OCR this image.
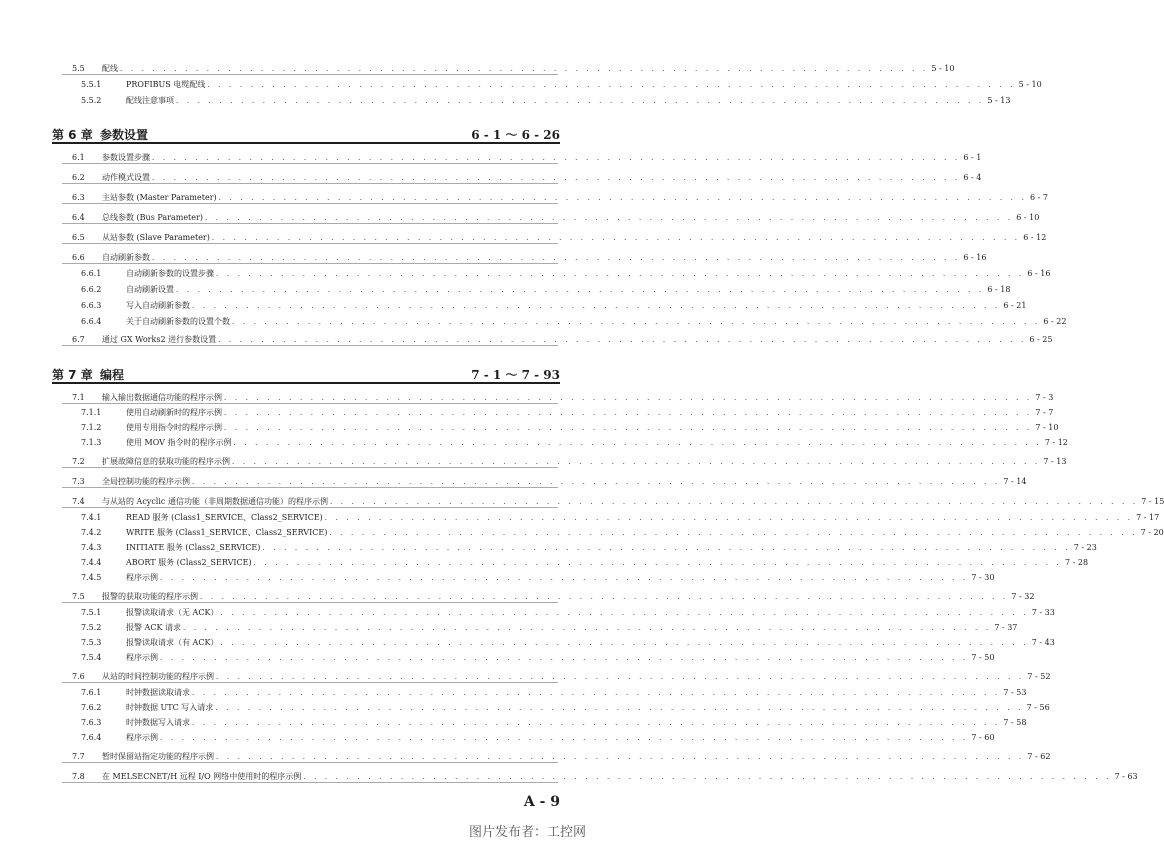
5.5	配线 . . . . . . . . . . . . . . . . . . . . . . . . . . . . . . . . . . . . . . . . . . . . . . . . . . . . . . . . . . . . . . . . . . . . . . . . . . . 5 - 10
5.5.1	PROFIBUS 电缆配线 . . . . . . . . . . . . . . . . . . . . . . . . . . . . . . . . . . . . . . . . . . . . . . . . . . . . . . . . . . . . . . . . . . . . . . . . . . . 5 - 10
5.5.2	配线注意事项 . . . . . . . . . . . . . . . . . . . . . . . . . . . . . . . . . . . . . . . . . . . . . . . . . . . . . . . . . . . . . . . . . . . . . . . . . . . 5 - 13
第 6 章 参数设置	6 - 1 ～ 6 - 26
6.1	参数设置步骤 . . . . . . . . . . . . . . . . . . . . . . . . . . . . . . . . . . . . . . . . . . . . . . . . . . . . . . . . . . . . . . . . . . . . . . . . . . . 6 - 1
6.2	动作模式设置 . . . . . . . . . . . . . . . . . . . . . . . . . . . . . . . . . . . . . . . . . . . . . . . . . . . . . . . . . . . . . . . . . . . . . . . . . . . 6 - 4
6.3	主站参数 (Master Parameter) . . . . . . . . . . . . . . . . . . . . . . . . . . . . . . . . . . . . . . . . . . . . . . . . . . . . . . . . . . . . . . . . . . . . . . . . . . . 6 - 7
6.4	总线参数 (Bus Parameter) . . . . . . . . . . . . . . . . . . . . . . . . . . . . . . . . . . . . . . . . . . . . . . . . . . . . . . . . . . . . . . . . . . . . . . . . . . . 6 - 10
6.5	从站参数 (Slave Parameter) . . . . . . . . . . . . . . . . . . . . . . . . . . . . . . . . . . . . . . . . . . . . . . . . . . . . . . . . . . . . . . . . . . . . . . . . . . . 6 - 12
6.6	自动刷新参数 . . . . . . . . . . . . . . . . . . . . . . . . . . . . . . . . . . . . . . . . . . . . . . . . . . . . . . . . . . . . . . . . . . . . . . . . . . . 6 - 16
6.6.1	自动刷新参数的设置步骤 . . . . . . . . . . . . . . . . . . . . . . . . . . . . . . . . . . . . . . . . . . . . . . . . . . . . . . . . . . . . . . . . . . . . . . . . . . . 6 - 16
6.6.2	自动刷新设置 . . . . . . . . . . . . . . . . . . . . . . . . . . . . . . . . . . . . . . . . . . . . . . . . . . . . . . . . . . . . . . . . . . . . . . . . . . . 6 - 18
6.6.3	写入自动刷新参数 . . . . . . . . . . . . . . . . . . . . . . . . . . . . . . . . . . . . . . . . . . . . . . . . . . . . . . . . . . . . . . . . . . . . . . . . . . . 6 - 21
6.6.4	关于自动刷新参数的设置个数 . . . . . . . . . . . . . . . . . . . . . . . . . . . . . . . . . . . . . . . . . . . . . . . . . . . . . . . . . . . . . . . . . . . . . . . . . . . 6 - 22
6.7	通过 GX Works2 进行参数设置 . . . . . . . . . . . . . . . . . . . . . . . . . . . . . . . . . . . . . . . . . . . . . . . . . . . . . . . . . . . . . . . . . . . . . . . . . . . 6 - 25
第 7 章 编程	7 - 1 ～ 7 - 93
7.1	输入输出数据通信功能的程序示例 . . . . . . . . . . . . . . . . . . . . . . . . . . . . . . . . . . . . . . . . . . . . . . . . . . . . . . . . . . . . . . . . . . . . . . . . . . . 7 - 3
7.1.1	使用自动刷新时的程序示例 . . . . . . . . . . . . . . . . . . . . . . . . . . . . . . . . . . . . . . . . . . . . . . . . . . . . . . . . . . . . . . . . . . . . . . . . . . . 7 - 7
7.1.2	使用专用指令时的程序示例 . . . . . . . . . . . . . . . . . . . . . . . . . . . . . . . . . . . . . . . . . . . . . . . . . . . . . . . . . . . . . . . . . . . . . . . . . . . 7 - 10
7.1.3	使用 MOV 指令时的程序示例 . . . . . . . . . . . . . . . . . . . . . . . . . . . . . . . . . . . . . . . . . . . . . . . . . . . . . . . . . . . . . . . . . . . . . . . . . . . 7 - 12
7.2	扩展故障信息的获取功能的程序示例 . . . . . . . . . . . . . . . . . . . . . . . . . . . . . . . . . . . . . . . . . . . . . . . . . . . . . . . . . . . . . . . . . . . . . . . . . . . 7 - 13
7.3	全局控制功能的程序示例 . . . . . . . . . . . . . . . . . . . . . . . . . . . . . . . . . . . . . . . . . . . . . . . . . . . . . . . . . . . . . . . . . . . . . . . . . . . 7 - 14
7.4	与从站的 Acyclic 通信功能（非周期数据通信功能）的程序示例 . . . . . . . . . . . . . . . . . . . . . . . . . . . . . . . . . . . . . . . . . . . . . . . . . . . . . . . . . . . . . . . . . . . . . . . . . . . 7 - 15
7.4.1	READ 服务 (Class1_SERVICE、Class2_SERVICE) . . . . . . . . . . . . . . . . . . . . . . . . . . . . . . . . . . . . . . . . . . . . . . . . . . . . . . . . . . . . . . . . . . . . . . . . . . . 7 - 17
7.4.2	WRITE 服务 (Class1_SERVICE、Class2_SERVICE) . . . . . . . . . . . . . . . . . . . . . . . . . . . . . . . . . . . . . . . . . . . . . . . . . . . . . . . . . . . . . . . . . . . . . . . . . . . 7 - 20
7.4.3	INITIATE 服务 (Class2_SERVICE) . . . . . . . . . . . . . . . . . . . . . . . . . . . . . . . . . . . . . . . . . . . . . . . . . . . . . . . . . . . . . . . . . . . . . . . . . . . 7 - 23
7.4.4	ABORT 服务 (Class2_SERVICE) . . . . . . . . . . . . . . . . . . . . . . . . . . . . . . . . . . . . . . . . . . . . . . . . . . . . . . . . . . . . . . . . . . . . . . . . . . . 7 - 28
7.4.5	程序示例 . . . . . . . . . . . . . . . . . . . . . . . . . . . . . . . . . . . . . . . . . . . . . . . . . . . . . . . . . . . . . . . . . . . . . . . . . . . 7 - 30
7.5	报警的获取功能的程序示例 . . . . . . . . . . . . . . . . . . . . . . . . . . . . . . . . . . . . . . . . . . . . . . . . . . . . . . . . . . . . . . . . . . . . . . . . . . . 7 - 32
7.5.1	报警读取请求（无 ACK） . . . . . . . . . . . . . . . . . . . . . . . . . . . . . . . . . . . . . . . . . . . . . . . . . . . . . . . . . . . . . . . . . . . . . . . . . . . 7 - 33
7.5.2	报警 ACK 请求 . . . . . . . . . . . . . . . . . . . . . . . . . . . . . . . . . . . . . . . . . . . . . . . . . . . . . . . . . . . . . . . . . . . . . . . . . . . 7 - 37
7.5.3	报警读取请求（有 ACK） . . . . . . . . . . . . . . . . . . . . . . . . . . . . . . . . . . . . . . . . . . . . . . . . . . . . . . . . . . . . . . . . . . . . . . . . . . . 7 - 43
7.5.4	程序示例 . . . . . . . . . . . . . . . . . . . . . . . . . . . . . . . . . . . . . . . . . . . . . . . . . . . . . . . . . . . . . . . . . . . . . . . . . . . 7 - 50
7.6	从站的时间控制功能的程序示例 . . . . . . . . . . . . . . . . . . . . . . . . . . . . . . . . . . . . . . . . . . . . . . . . . . . . . . . . . . . . . . . . . . . . . . . . . . . 7 - 52
7.6.1	时钟数据读取请求 . . . . . . . . . . . . . . . . . . . . . . . . . . . . . . . . . . . . . . . . . . . . . . . . . . . . . . . . . . . . . . . . . . . . . . . . . . . 7 - 53
7.6.2	时钟数据 UTC 写入请求 . . . . . . . . . . . . . . . . . . . . . . . . . . . . . . . . . . . . . . . . . . . . . . . . . . . . . . . . . . . . . . . . . . . . . . . . . . . 7 - 56
7.6.3	时钟数据写入请求 . . . . . . . . . . . . . . . . . . . . . . . . . . . . . . . . . . . . . . . . . . . . . . . . . . . . . . . . . . . . . . . . . . . . . . . . . . . 7 - 58
7.6.4	程序示例 . . . . . . . . . . . . . . . . . . . . . . . . . . . . . . . . . . . . . . . . . . . . . . . . . . . . . . . . . . . . . . . . . . . . . . . . . . . 7 - 60
7.7	暂时保留站指定功能的程序示例 . . . . . . . . . . . . . . . . . . . . . . . . . . . . . . . . . . . . . . . . . . . . . . . . . . . . . . . . . . . . . . . . . . . . . . . . . . . 7 - 62
7.8	在 MELSECNET/H 远程 I/O 网络中使用时的程序示例 . . . . . . . . . . . . . . . . . . . . . . . . . . . . . . . . . . . . . . . . . . . . . . . . . . . . . . . . . . . . . . . . . . . . . . . . . . . 7 - 63
A - 9
图片发布者：工控网
